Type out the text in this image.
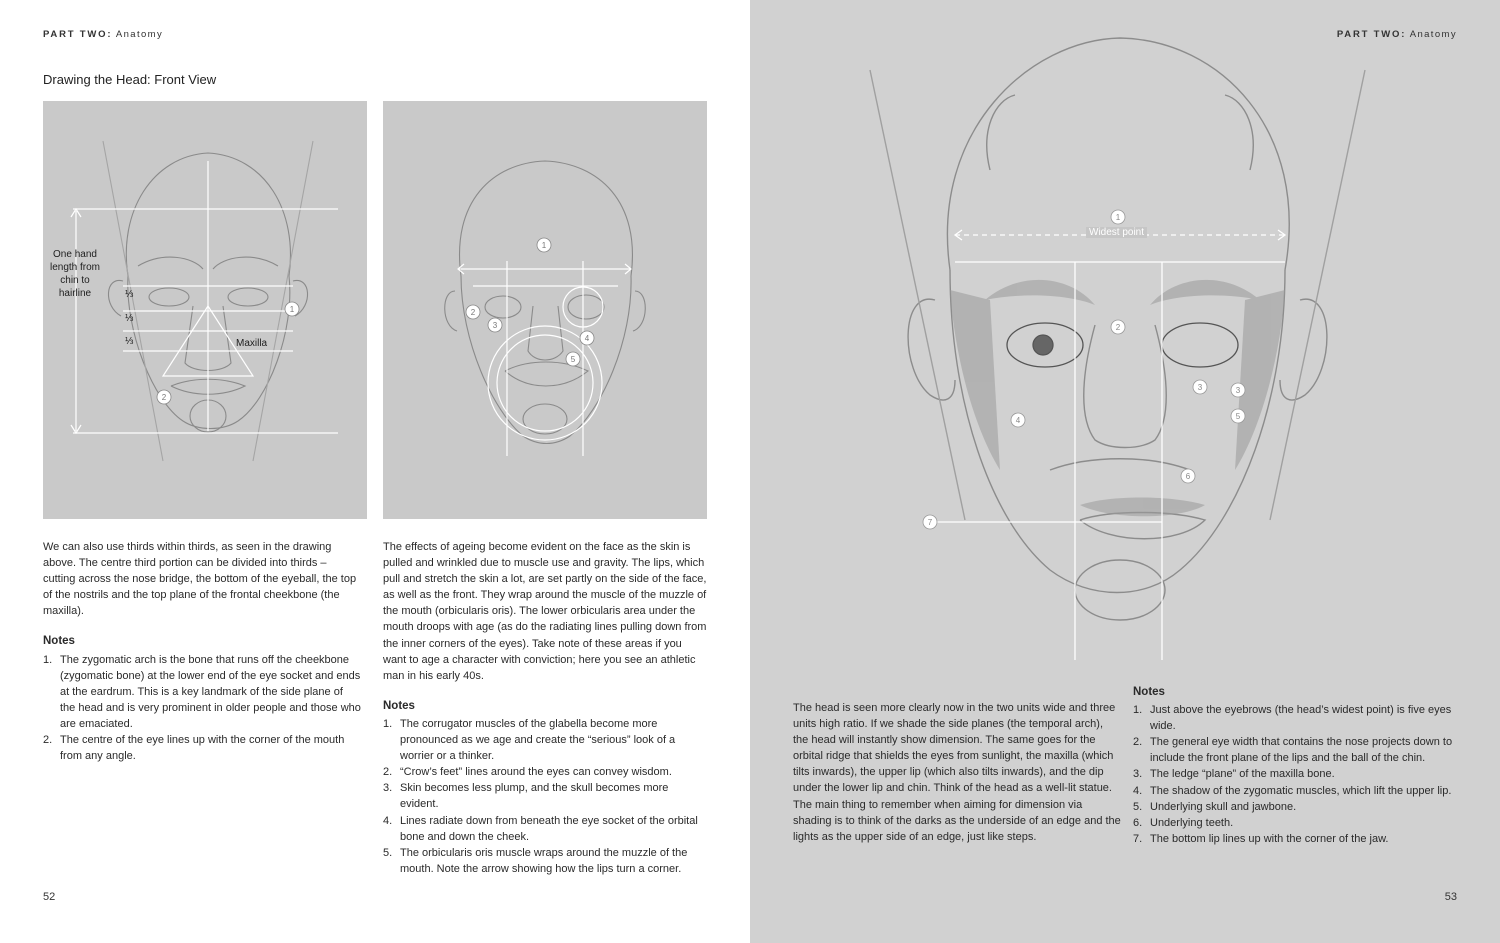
PART TWO: Anatomy
Drawing the Head: Front View
1
2
One hand
length from
chin to
hairline	⅓
⅓
⅓	Maxilla
1
2
3
4
5

We can also use thirds within thirds, as seen in the drawing above. The centre third portion can be divided into thirds – cutting across the nose bridge, the bottom of the eyeball, the top of the nostrils and the top plane of the frontal cheekbone (the maxilla).

Notes
1. The zygomatic arch is the bone that runs off the cheekbone (zygomatic bone) at the lower end of the eye socket and ends at the eardrum. This is a key landmark of the side plane of the head and is very prominent in older people and those who are emaciated.
2. The centre of the eye lines up with the corner of the mouth from any angle.

The effects of ageing become evident on the face as the skin is pulled and wrinkled due to muscle use and gravity. The lips, which pull and stretch the skin a lot, are set partly on the side of the face, as well as the front. They wrap around the muscle of the muzzle of the mouth (orbicularis oris). The lower orbicularis area under the mouth droops with age (as do the radiating lines pulling down from the inner corners of the eyes). Take note of these areas if you want to age a character with conviction; here you see an athletic man in his early 40s.

Notes
1. The corrugator muscles of the glabella become more pronounced as we age and create the “serious” look of a worrier or a thinker.
2. “Crow’s feet” lines around the eyes can convey wisdom.
3. Skin becomes less plump, and the skull becomes more evident.
4. Lines radiate down from beneath the eye socket of the orbital bone and down the cheek.
5. The orbicularis oris muscle wraps around the muzzle of the mouth. Note the arrow showing how the lips turn a corner.
52
PART TWO: Anatomy
53
1
2
3	3
4	5
6
7
Widest point

The head is seen more clearly now in the two units wide and three units high ratio. If we shade the side planes (the temporal arch), the head will instantly show dimension. The same goes for the orbital ridge that shields the eyes from sunlight, the maxilla (which tilts inwards), the upper lip (which also tilts inwards), and the dip under the lower lip and chin. Think of the head as a well-lit statue. The main thing to remember when aiming for dimension via shading is to think of the darks as the underside of an edge and the lights as the upper side of an edge, just like steps.

Notes
1. Just above the eyebrows (the head’s widest point) is five eyes wide.
2. The general eye width that contains the nose projects down to include the front plane of the lips and the ball of the chin.
3. The ledge “plane” of the maxilla bone.
4. The shadow of the zygomatic muscles, which lift the upper lip.
5. Underlying skull and jawbone.
6. Underlying teeth.
7. The bottom lip lines up with the corner of the jaw.
